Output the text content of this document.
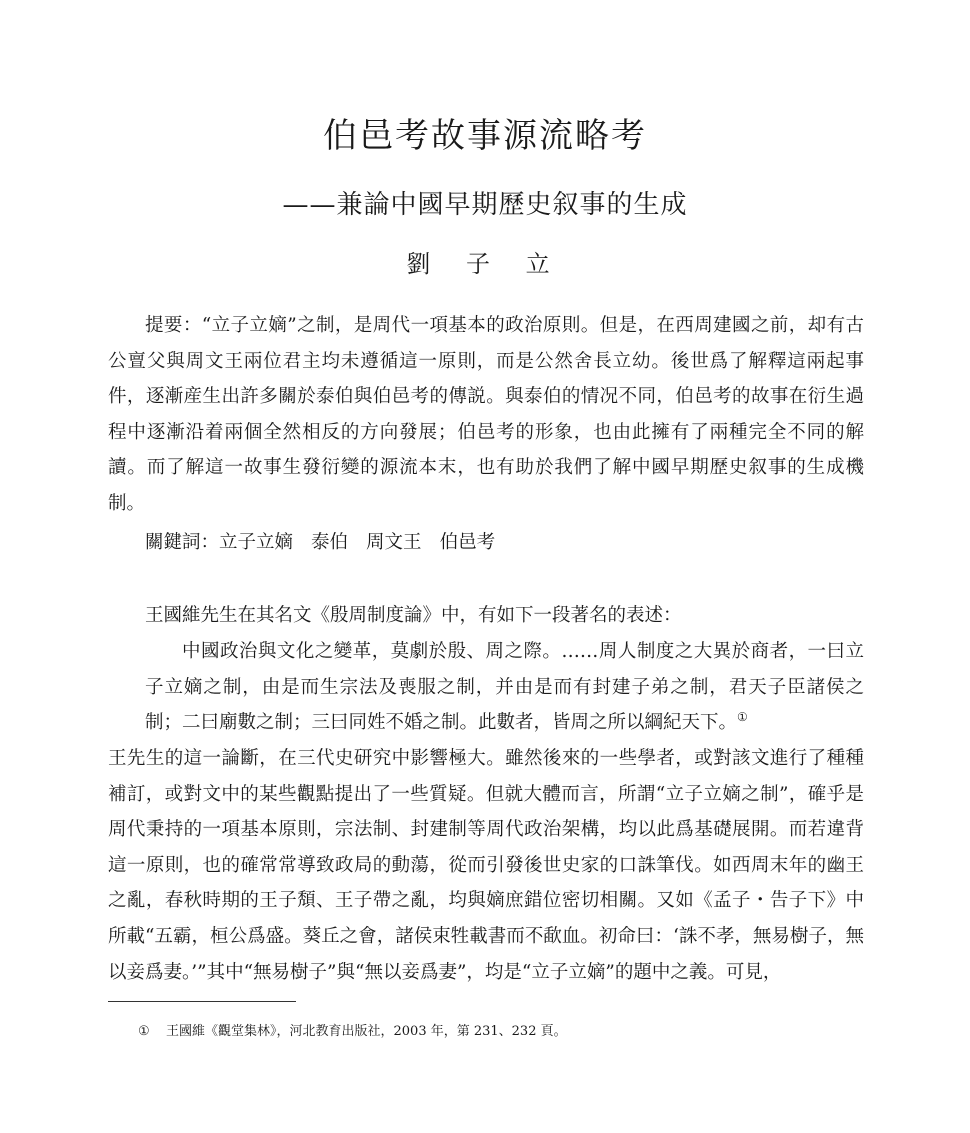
伯邑考故事源流略考
——兼論中國早期歷史叙事的生成
劉 子 立

提要：“立子立嫡”之制，是周代一項基本的政治原則。但是，在西周建國之前，却有古公亶父與周文王兩位君主均未遵循這一原則，而是公然舍長立幼。後世爲了解釋這兩起事件，逐漸産生出許多關於泰伯與伯邑考的傳説。與泰伯的情况不同，伯邑考的故事在衍生過程中逐漸沿着兩個全然相反的方向發展；伯邑考的形象，也由此擁有了兩種完全不同的解讀。而了解這一故事生發衍變的源流本末，也有助於我們了解中國早期歷史叙事的生成機制。

關鍵詞：立子立嫡 泰伯 周文王 伯邑考

王國維先生在其名文《殷周制度論》中，有如下一段著名的表述：

中國政治與文化之變革，莫劇於殷、周之際。……周人制度之大異於商者，一曰立子立嫡之制，由是而生宗法及喪服之制，并由是而有封建子弟之制，君天子臣諸侯之制；二曰廟數之制；三曰同姓不婚之制。此數者，皆周之所以綱紀天下。①

王先生的這一論斷，在三代史研究中影響極大。雖然後來的一些學者，或對該文進行了種種補訂，或對文中的某些觀點提出了一些質疑。但就大體而言，所謂“立子立嫡之制”，確乎是周代秉持的一項基本原則，宗法制、封建制等周代政治架構，均以此爲基礎展開。而若違背這一原則，也的確常常導致政局的動蕩，從而引發後世史家的口誅筆伐。如西周末年的幽王之亂，春秋時期的王子頽、王子帶之亂，均與嫡庶錯位密切相關。又如《孟子・告子下》中所載“五霸，桓公爲盛。葵丘之會，諸侯束牲載書而不歃血。初命曰：‘誅不孝，無易樹子，無以妾爲妻。’”其中“無易樹子”與“無以妾爲妻”，均是“立子立嫡”的題中之義。可見，

① 王國維《觀堂集林》，河北教育出版社，2003 年，第 231、232 頁。
